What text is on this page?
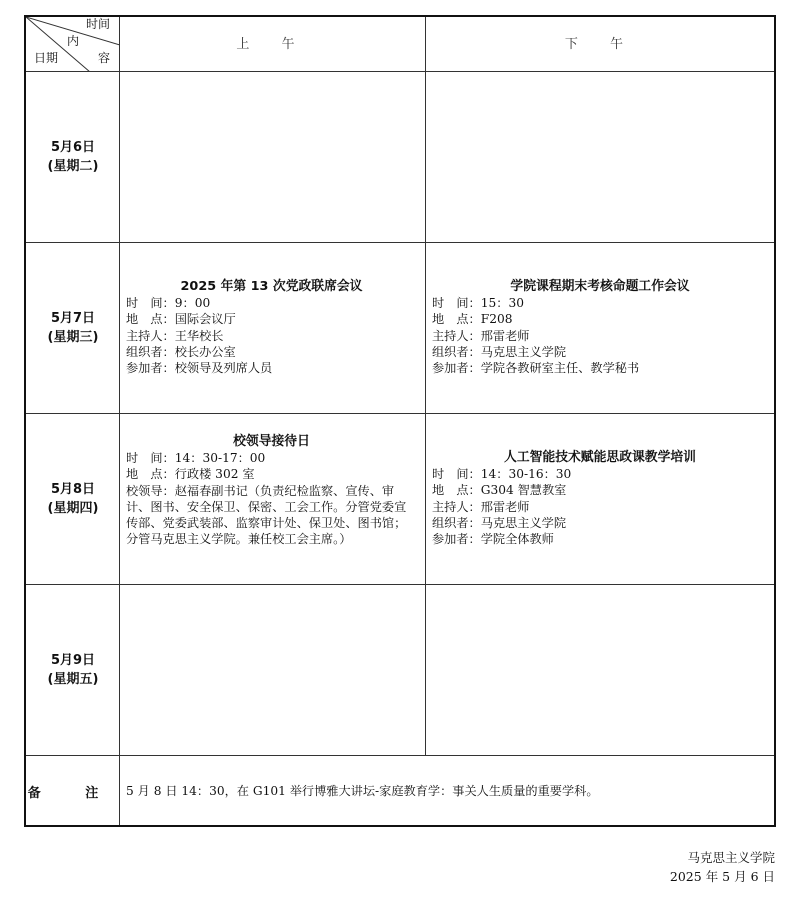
时间
内
日期	容
上 午	下 午
5月6日
(星期二)
5月7日
(星期三)
5月8日
(星期四)
5月9日
(星期五)
2025 年第 13 次党政联席会议
时　间：9：00
地　点：国际会议厅
主持人：王华校长
组织者：校长办公室
参加者：校领导及列席人员
学院课程期末考核命题工作会议
时　间：15：30
地　点：F208
主持人：邢雷老师
组织者：马克思主义学院
参加者：学院各教研室主任、教学秘书
校领导接待日
时　间：14：30-17：00
地　点：行政楼 302 室
校领导：赵福春副书记（负责纪检监察、宣传、审计、图书、安全保卫、保密、工会工作。分管党委宣传部、党委武装部、监察审计处、保卫处、图书馆；分管马克思主义学院。兼任校工会主席。）
人工智能技术赋能思政课教学培训
时　间：14：30-16：30
地　点：G304 智慧教室
主持人：邢雷老师
组织者：马克思主义学院
参加者：学院全体教师
备 注 5 月 8 日 14：30，在 G101 举行博雅大讲坛-家庭教育学：事关人生质量的重要学科。
马克思主义学院
2025 年 5 月 6 日
